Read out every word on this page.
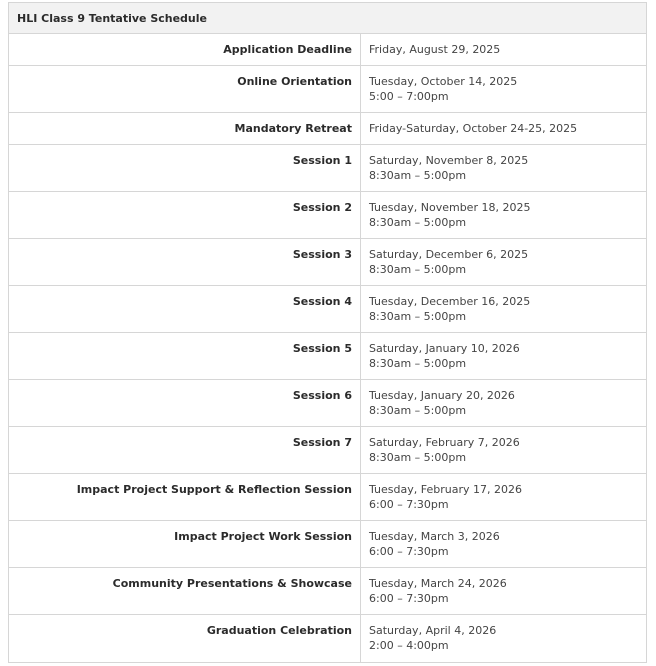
HLI Class 9 Tentative Schedule
Application Deadline	Friday, August 29, 2025
Online Orientation	Tuesday, October 14, 2025
5:00 – 7:00pm
Mandatory Retreat	Friday-Saturday, October 24-25, 2025
Session 1	Saturday, November 8, 2025
8:30am – 5:00pm
Session 2	Tuesday, November 18, 2025
8:30am – 5:00pm
Session 3	Saturday, December 6, 2025
8:30am – 5:00pm
Session 4	Tuesday, December 16, 2025
8:30am – 5:00pm
Session 5	Saturday, January 10, 2026
8:30am – 5:00pm
Session 6	Tuesday, January 20, 2026
8:30am – 5:00pm
Session 7	Saturday, February 7, 2026
8:30am – 5:00pm
Impact Project Support & Reflection Session	Tuesday, February 17, 2026
6:00 – 7:30pm
Impact Project Work Session	Tuesday, March 3, 2026
6:00 – 7:30pm
Community Presentations & Showcase	Tuesday, March 24, 2026
6:00 – 7:30pm
Graduation Celebration	Saturday, April 4, 2026
2:00 – 4:00pm
